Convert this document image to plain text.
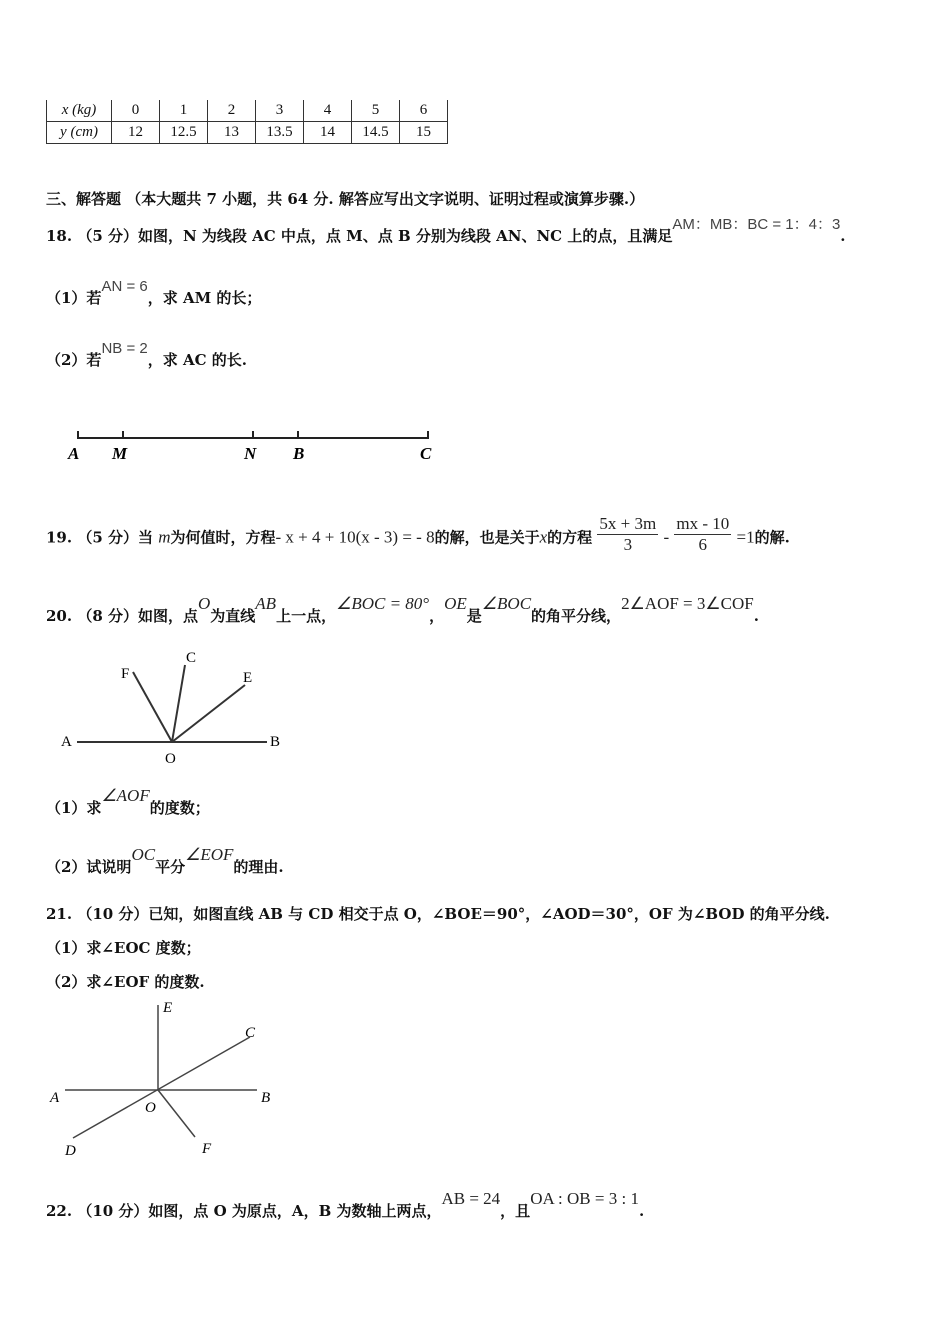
x (kg)	0	1	2	3	4	5	6
y (cm)	12	12.5	13	13.5	14	14.5	15
三、解答题 （本大题共 7 小题，共 64 分. 解答应写出文字说明、证明过程或演算步骤.）
18. （5 分）如图，N 为线段 AC 中点，点 M、点 B 分别为线段 AN、NC 上的点，且满足AM：MB：BC = 1：4：3.
（1）若AN = 6，求 AM 的长；
（2）若NB = 2，求 AC 的长.
A M	N B	C
19. （5 分）当 m为何值时，方程- x + 4 + 10(x - 3) = - 8的解，也是关于x的方程 $\frac{5x + 3m}{3} - \frac{mx - 10}{6} =1$的解.
20. （8 分）如图，点O为直线AB上一点，∠BOC = 80°，OE是∠BOC的角平分线，2∠AOF = 3∠COF.
F
C
E
A
O
B
（1）求∠AOF的度数；
（2）试说明OC平分∠EOF的理由.
21. （10 分）已知，如图直线 AB 与 CD 相交于点 O，∠BOE＝90°，∠AOD＝30°，OF 为∠BOD 的角平分线.
（1）求∠EOC 度数；
（2）求∠EOF 的度数.
E
C
A
O
B
D	F
22. （10 分）如图，点 O 为原点，A，B 为数轴上两点，AB = 24，且OA : OB = 3 : 1.
